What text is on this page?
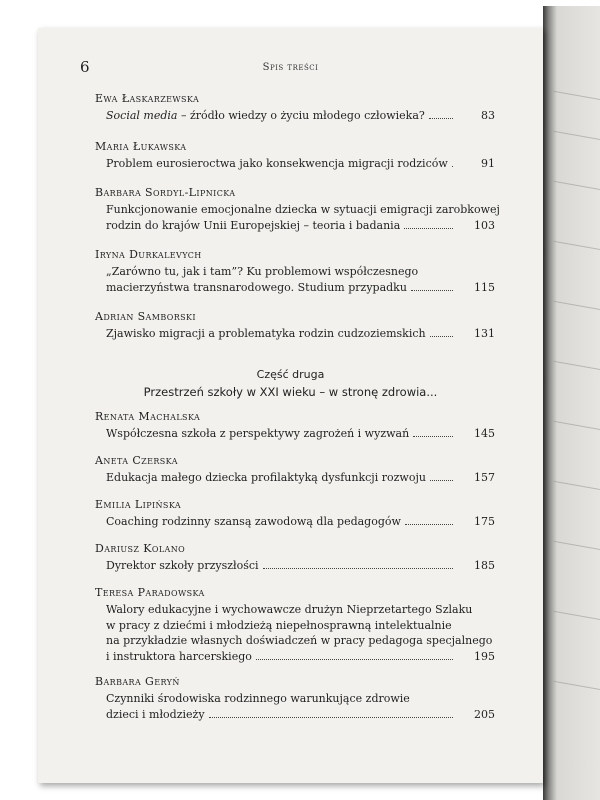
6	Spis treści
Ewa Łaskarzewska
Social media – źródło wiedzy o życiu młodego człowieka?	83
Maria Łukawska
Problem eurosieroctwa jako konsekwencja migracji rodziców	91
Barbara Sordyl-Lipnicka
Funkcjonowanie emocjonalne dziecka w sytuacji emigracji zarobkowej
rodzin do krajów Unii Europejskiej – teoria i badania	103
Iryna Durkalevych
„Zarówno tu, jak i tam”? Ku problemowi współczesnego
macierzyństwa transnarodowego. Studium przypadku	115
Adrian Samborski
Zjawisko migracji a problematyka rodzin cudzoziemskich	131
Renata Machalska
Współczesna szkoła z perspektywy zagrożeń i wyzwań	145
Aneta Czerska
Edukacja małego dziecka profilaktyką dysfunkcji rozwoju	157
Emilia Lipińska
Coaching rodzinny szansą zawodową dla pedagogów	175
Dariusz Kolano
Dyrektor szkoły przyszłości	185
Teresa Paradowska
Walory edukacyjne i wychowawcze drużyn Nieprzetartego Szlaku
w pracy z dziećmi i młodzieżą niepełnosprawną intelektualnie
na przykładzie własnych doświadczeń w pracy pedagoga specjalnego
i instruktora harcerskiego	195
Barbara Geryń
Czynniki środowiska rodzinnego warunkujące zdrowie
dzieci i młodzieży	205
Część druga
Przestrzeń szkoły w XXI wieku – w stronę zdrowia...
